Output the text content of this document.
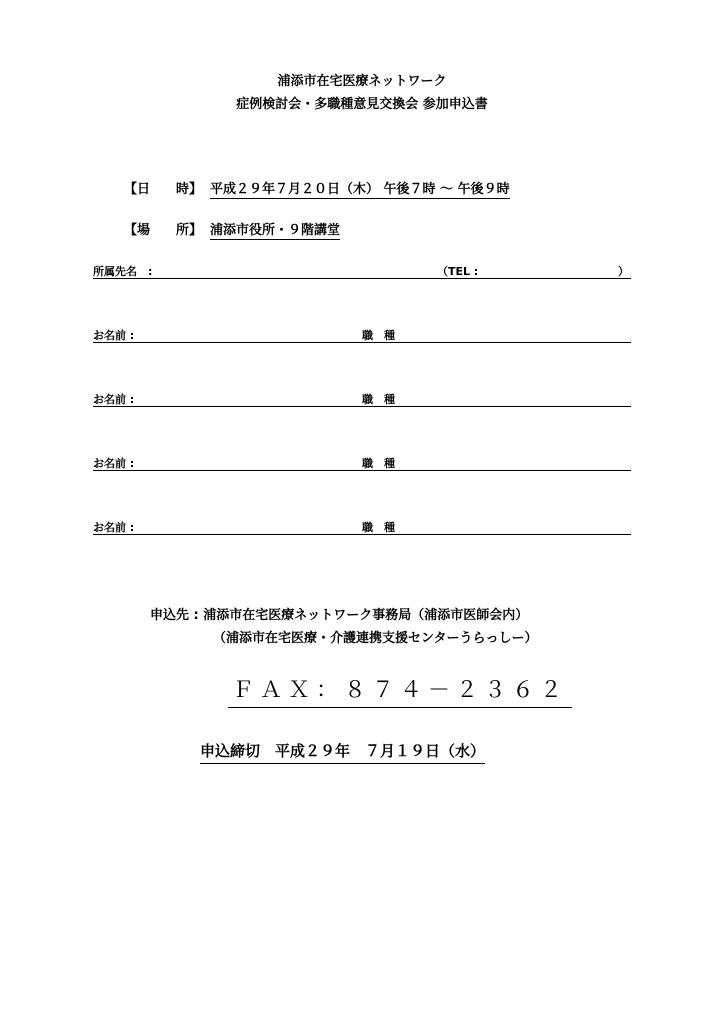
浦添市在宅医療ネットワーク
症例検討会・多職種意見交換会 参加申込書
【日　　時】 平成２９年７月２０日（木） 午後７時 ～ 午後９時
【場　　所】 浦添市役所・９階講堂
所属先名　:	（TEL :	）
お名前 :	職　種
お名前 :	職　種
お名前 :	職　種
お名前 :	職　種
申込先 : 浦添市在宅医療ネットワーク事務局（浦添市医師会内）
（浦添市在宅医療・介護連携支援センターうらっしー）
ＦＡＸ：８７４－２３６２
申込締切　平成２９年　７月１９日（水）
